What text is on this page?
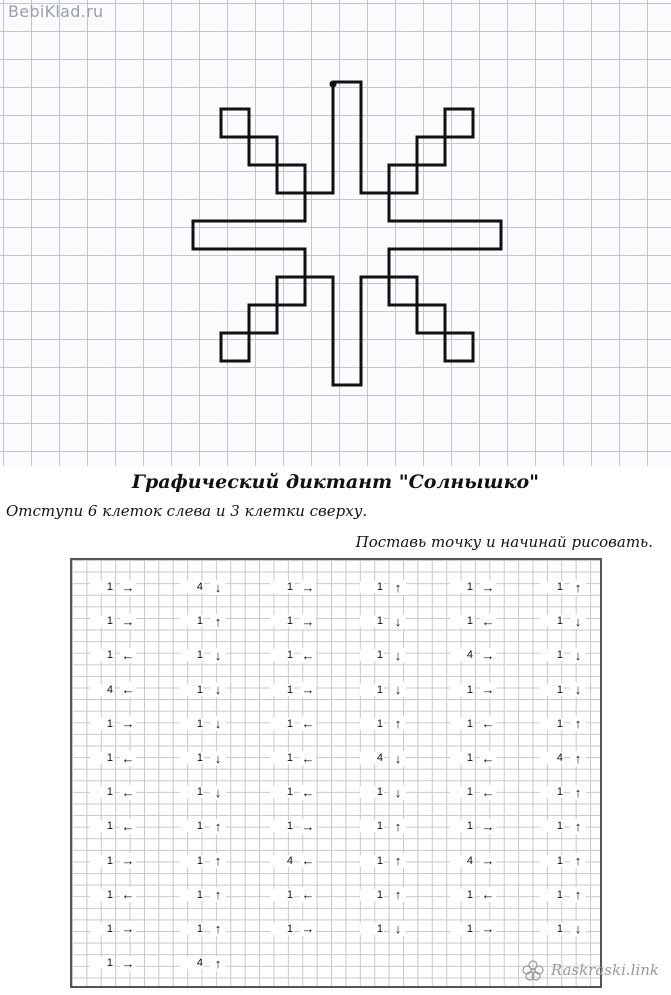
BebiKlad.ru
Графический диктант "Солнышко"
Отступи 6 клеток слева и 3 клетки сверху.
Поставь точку и начинай рисовать.
1 →
1 →
1 ←
4 ←
1 →
1 ←
1 ←
1 ←
1 →
1 ←
1 →
1 →
4 ↓
1 ↑
1 ↓
1 ↓
1 ↓
1 ↓
1 ↓
1 ↑
1 ↑
1 ↑
1 ↑
4 ↑
1 →
1 →
1 ←
1 →
1 ←
1 ←
1 ←
1 →
4 ←
1 ←
1 →
1 ↑
1 ↓
1 ↓
1 ↓
1 ↑
4 ↓
1 ↓
1 ↑
1 ↑
1 ↑
1 ↓
1 →
1 ←
4 →
1 →
1 ←
1 ←
1 ←
1 →
4 →
1 ←
1 →
1 ↑
1 ↓
1 ↓
1 ↓
1 ↑
4 ↑
1 ↑
1 ↑
1 ↑
1 ↑
1 ↓
Raskraski.link
